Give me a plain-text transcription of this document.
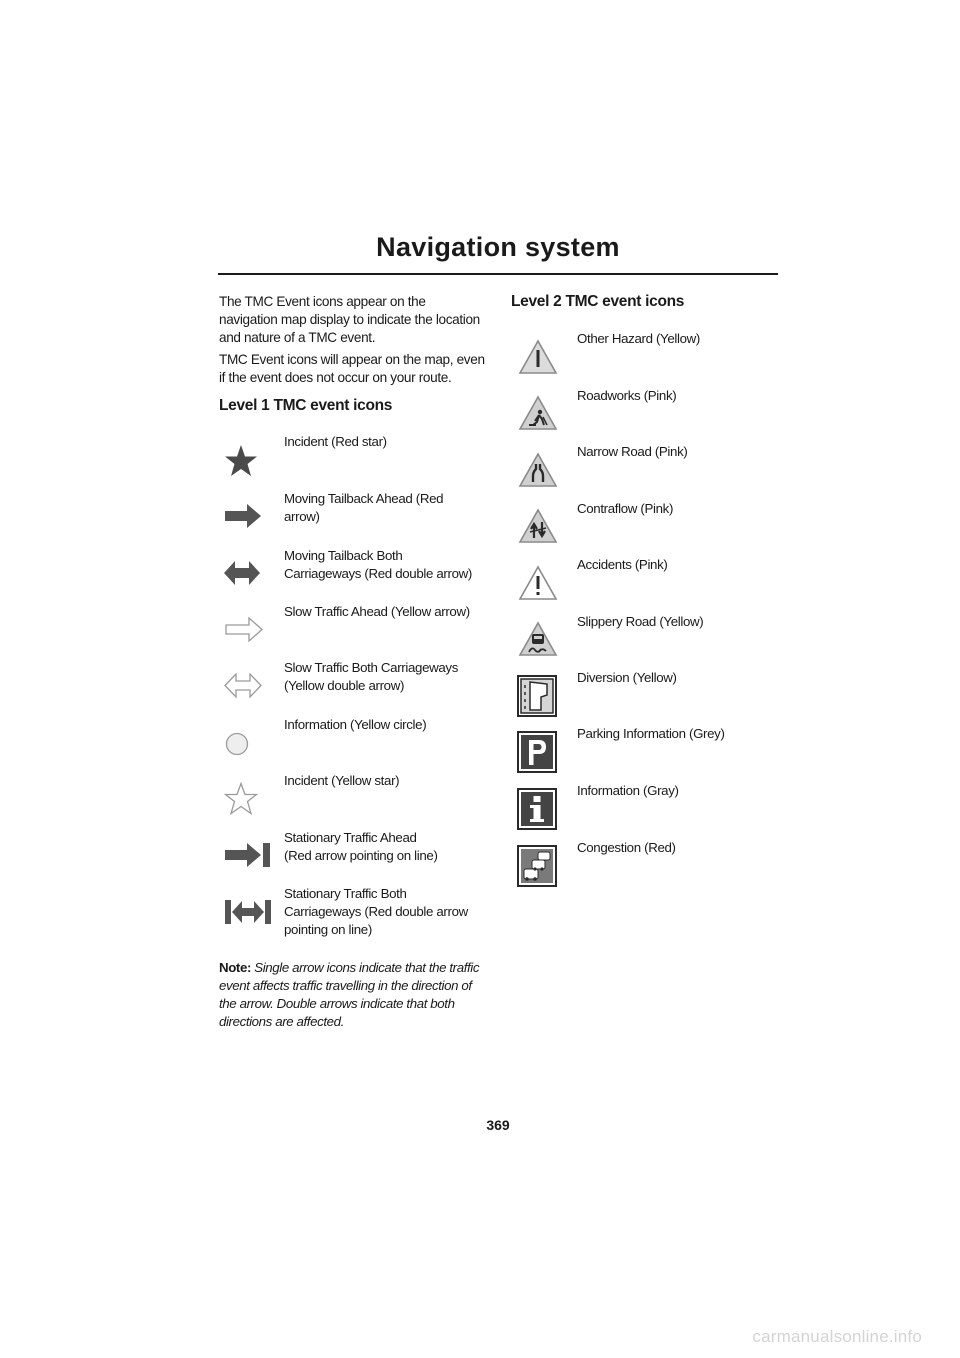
Navigation system

The TMC Event icons appear on the navigation map display to indicate the location and nature of a TMC event.

TMC Event icons will appear on the map, even if the event does not occur on your route.

Level 1 TMC event icons
Incident (Red star)
Moving Tailback Ahead (Red
arrow)
Moving Tailback Both
Carriageways (Red double arrow)
Slow Traffic Ahead (Yellow arrow)
Slow Traffic Both Carriageways
(Yellow double arrow)
Information (Yellow circle)
Incident (Yellow star)
Stationary Traffic Ahead
(Red arrow pointing on line)
Stationary Traffic Both
Carriageways (Red double arrow
pointing on line)

Note: Single arrow icons indicate that the traffic event affects traffic travelling in the direction of the arrow. Double arrows indicate that both directions are affected.

Level 2 TMC event icons
Other Hazard (Yellow)
Roadworks (Pink)
Narrow Road (Pink)
Contraflow (Pink)
Accidents (Pink)
Slippery Road (Yellow)
Diversion (Yellow)
Parking Information (Grey)
Information (Gray)
Congestion (Red)
369
carmanualsonline.info
